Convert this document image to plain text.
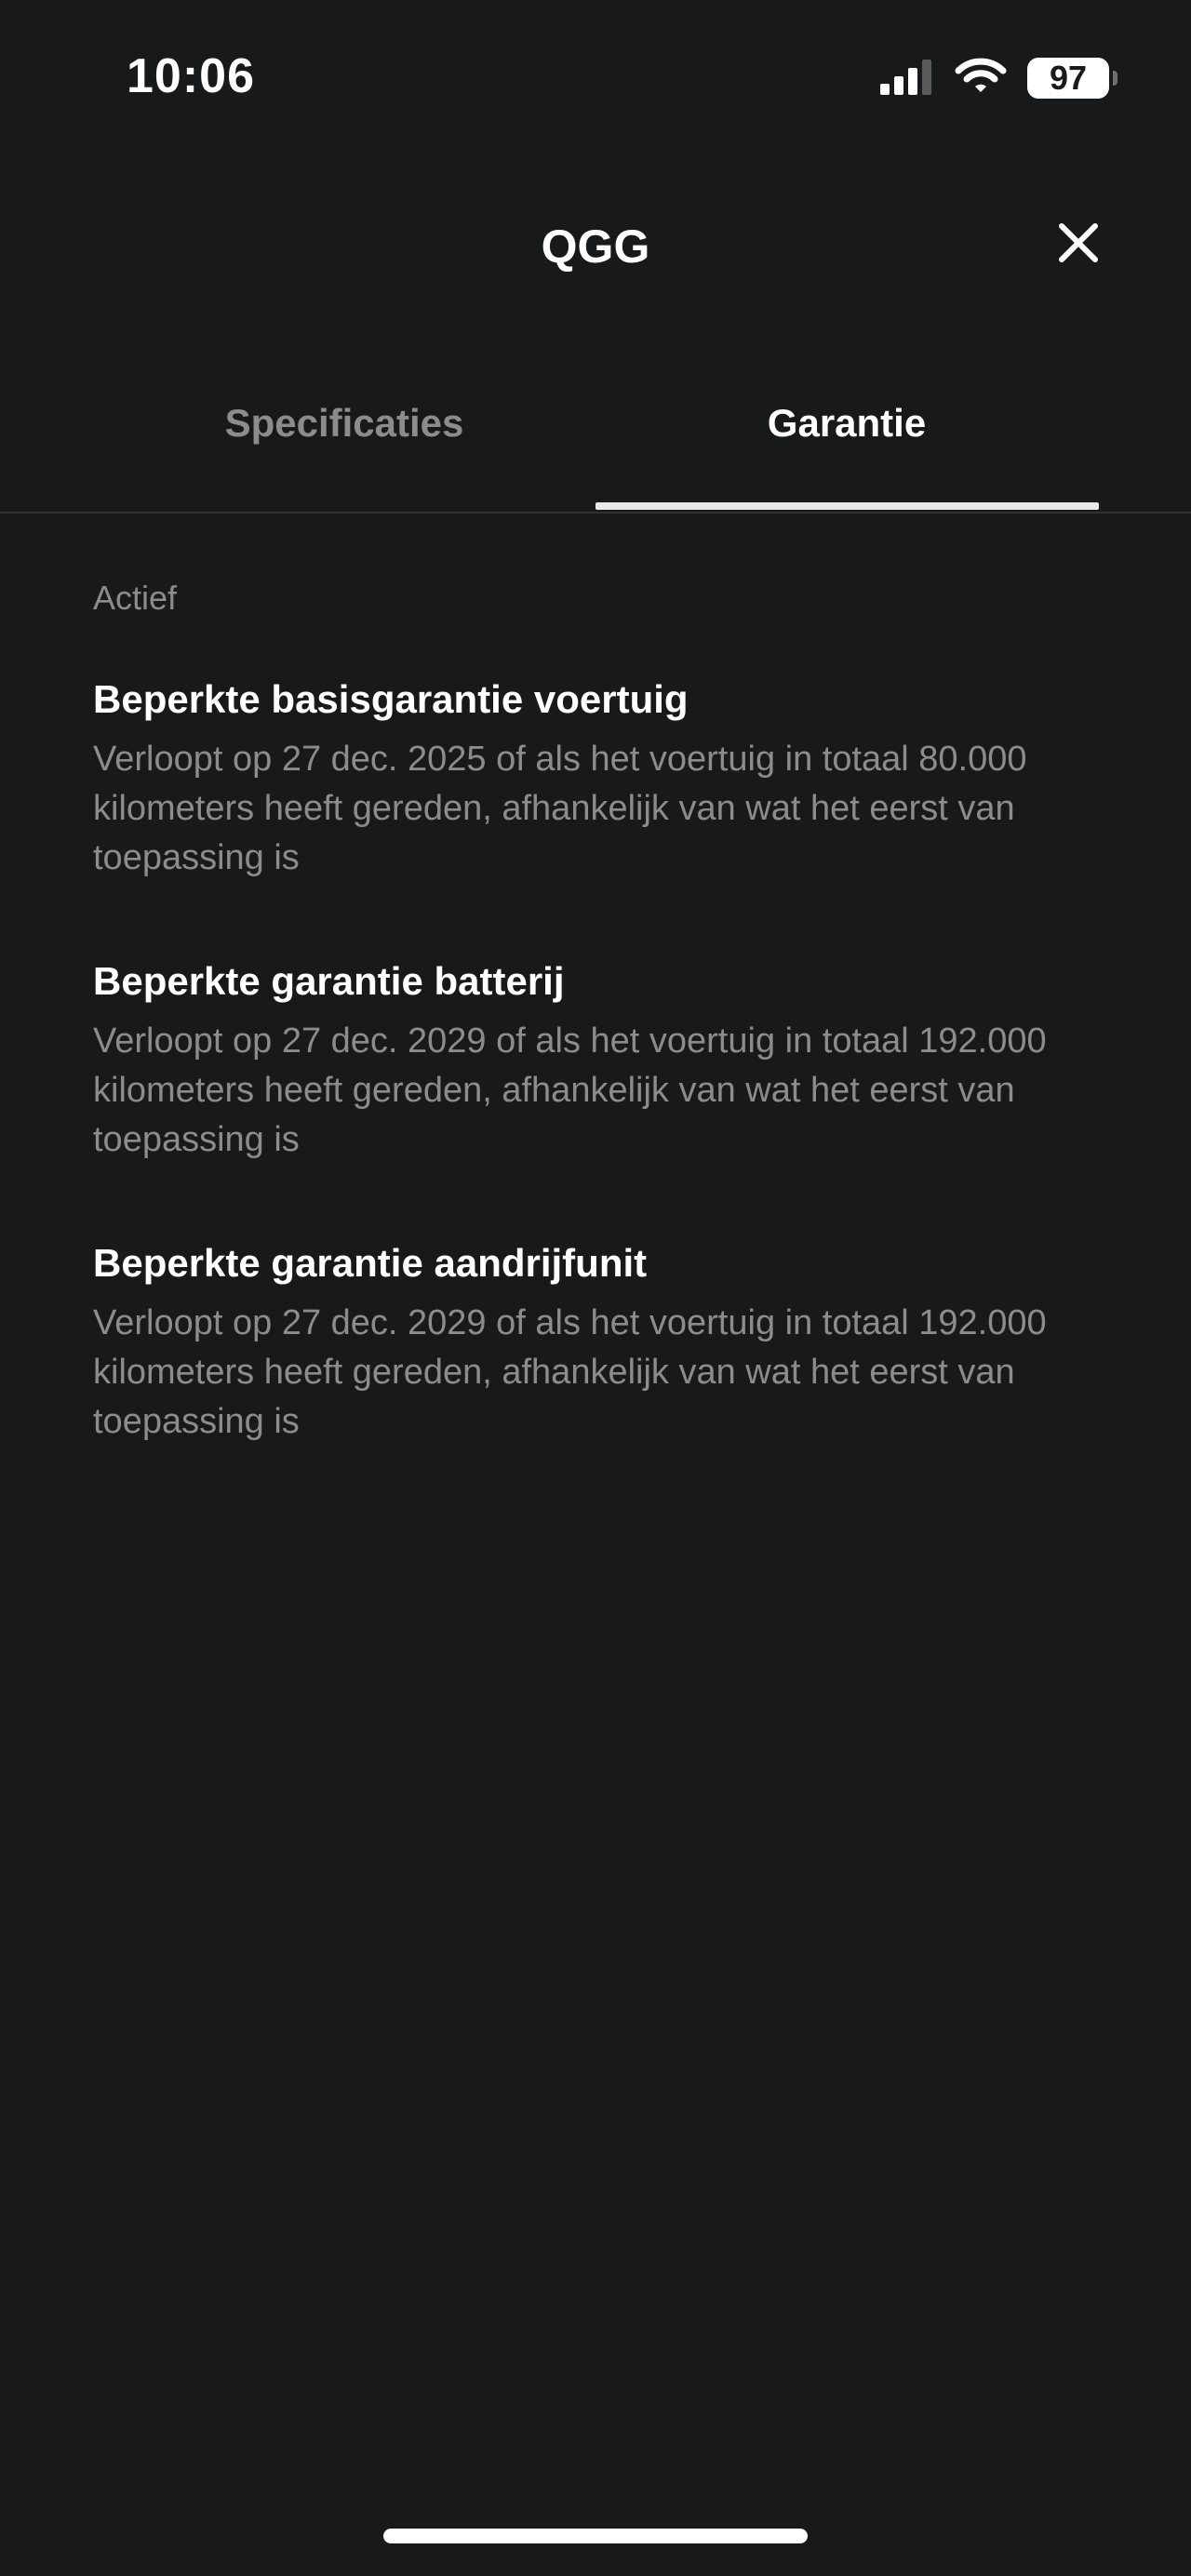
10:06	97
QGG
Specificaties	Garantie
Actief
Beperkte basisgarantie voertuig

Verloopt op 27 dec. 2025 of als het voertuig in totaal 80.000 kilometers heeft gereden, afhankelijk van wat het eerst van toepassing is

Beperkte garantie batterij

Verloopt op 27 dec. 2029 of als het voertuig in totaal 192.000 kilometers heeft gereden, afhankelijk van wat het eerst van toepassing is

Beperkte garantie aandrijfunit

Verloopt op 27 dec. 2029 of als het voertuig in totaal 192.000 kilometers heeft gereden, afhankelijk van wat het eerst van toepassing is
